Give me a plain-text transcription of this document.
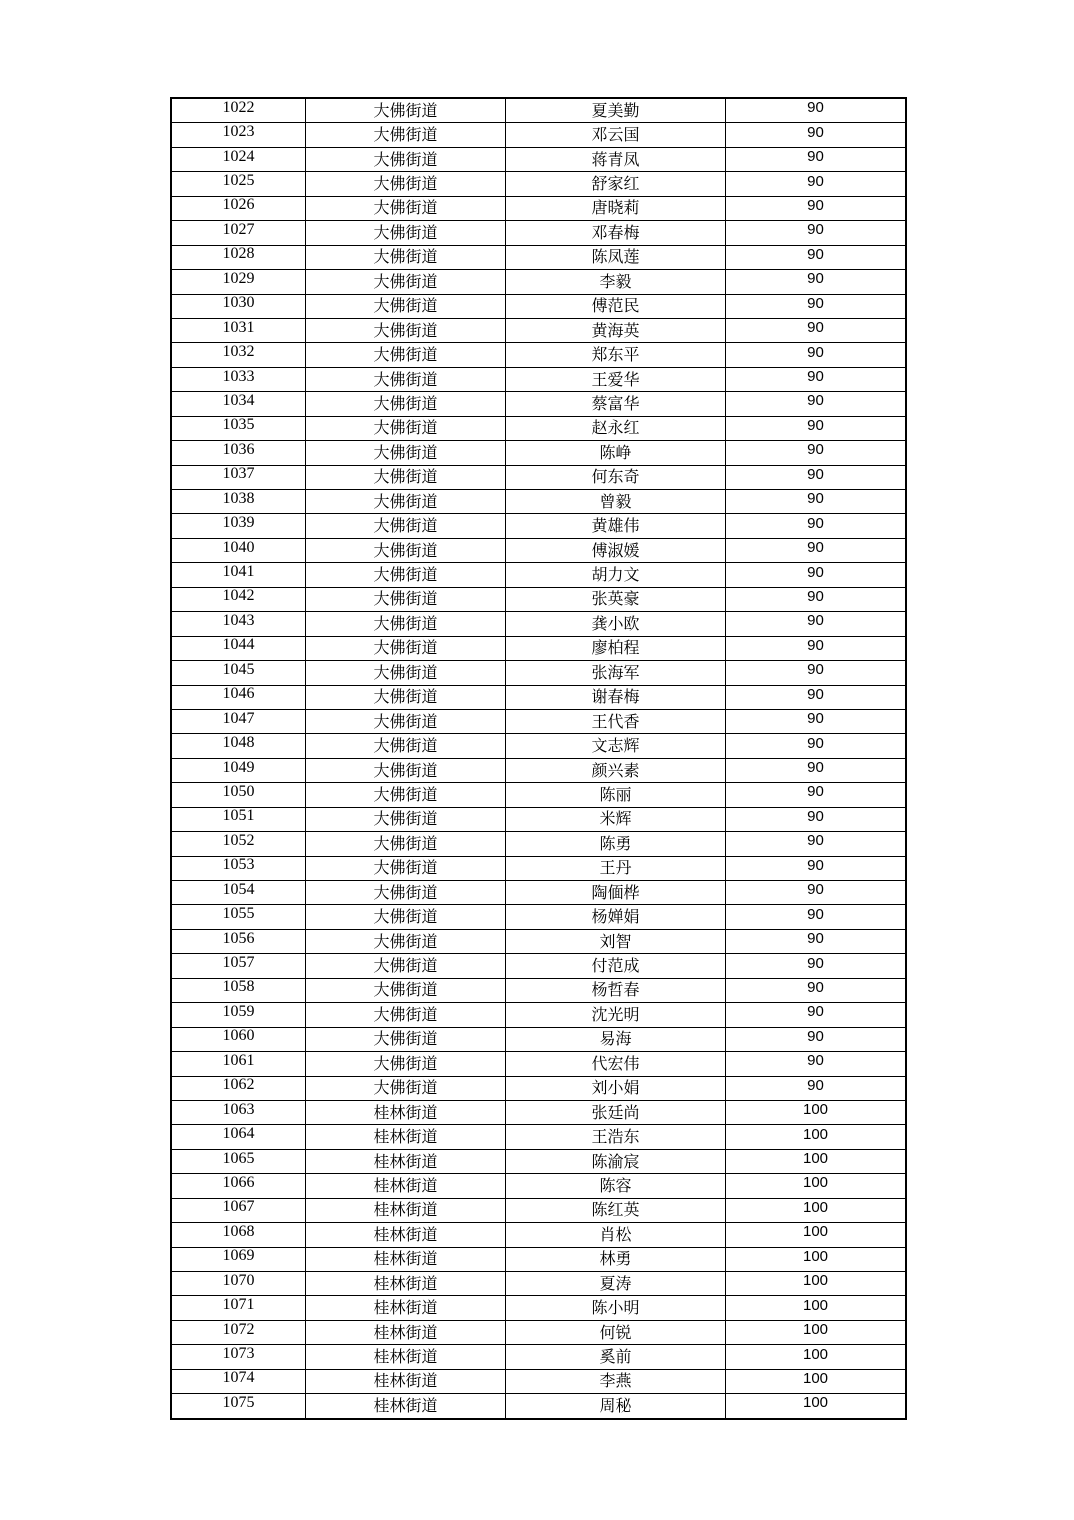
1022	大佛街道	夏美勤	90
1023	大佛街道	邓云国	90
1024	大佛街道	蒋青凤	90
1025	大佛街道	舒家红	90
1026	大佛街道	唐晓莉	90
1027	大佛街道	邓春梅	90
1028	大佛街道	陈凤莲	90
1029	大佛街道	李毅	90
1030	大佛街道	傅范民	90
1031	大佛街道	黄海英	90
1032	大佛街道	郑东平	90
1033	大佛街道	王爱华	90
1034	大佛街道	蔡富华	90
1035	大佛街道	赵永红	90
1036	大佛街道	陈峥	90
1037	大佛街道	何东奇	90
1038	大佛街道	曾毅	90
1039	大佛街道	黄雄伟	90
1040	大佛街道	傅淑媛	90
1041	大佛街道	胡力文	90
1042	大佛街道	张英豪	90
1043	大佛街道	龚小欧	90
1044	大佛街道	廖柏程	90
1045	大佛街道	张海军	90
1046	大佛街道	谢春梅	90
1047	大佛街道	王代香	90
1048	大佛街道	文志辉	90
1049	大佛街道	颜兴素	90
1050	大佛街道	陈丽	90
1051	大佛街道	米辉	90
1052	大佛街道	陈勇	90
1053	大佛街道	王丹	90
1054	大佛街道	陶偭桦	90
1055	大佛街道	杨婵娟	90
1056	大佛街道	刘智	90
1057	大佛街道	付范成	90
1058	大佛街道	杨哲春	90
1059	大佛街道	沈光明	90
1060	大佛街道	易海	90
1061	大佛街道	代宏伟	90
1062	大佛街道	刘小娟	90
1063	桂林街道	张廷尚	100
1064	桂林街道	王浩东	100
1065	桂林街道	陈渝宸	100
1066	桂林街道	陈容	100
1067	桂林街道	陈红英	100
1068	桂林街道	肖松	100
1069	桂林街道	林勇	100
1070	桂林街道	夏涛	100
1071	桂林街道	陈小明	100
1072	桂林街道	何锐	100
1073	桂林街道	奚前	100
1074	桂林街道	李燕	100
1075	桂林街道	周秘	100
